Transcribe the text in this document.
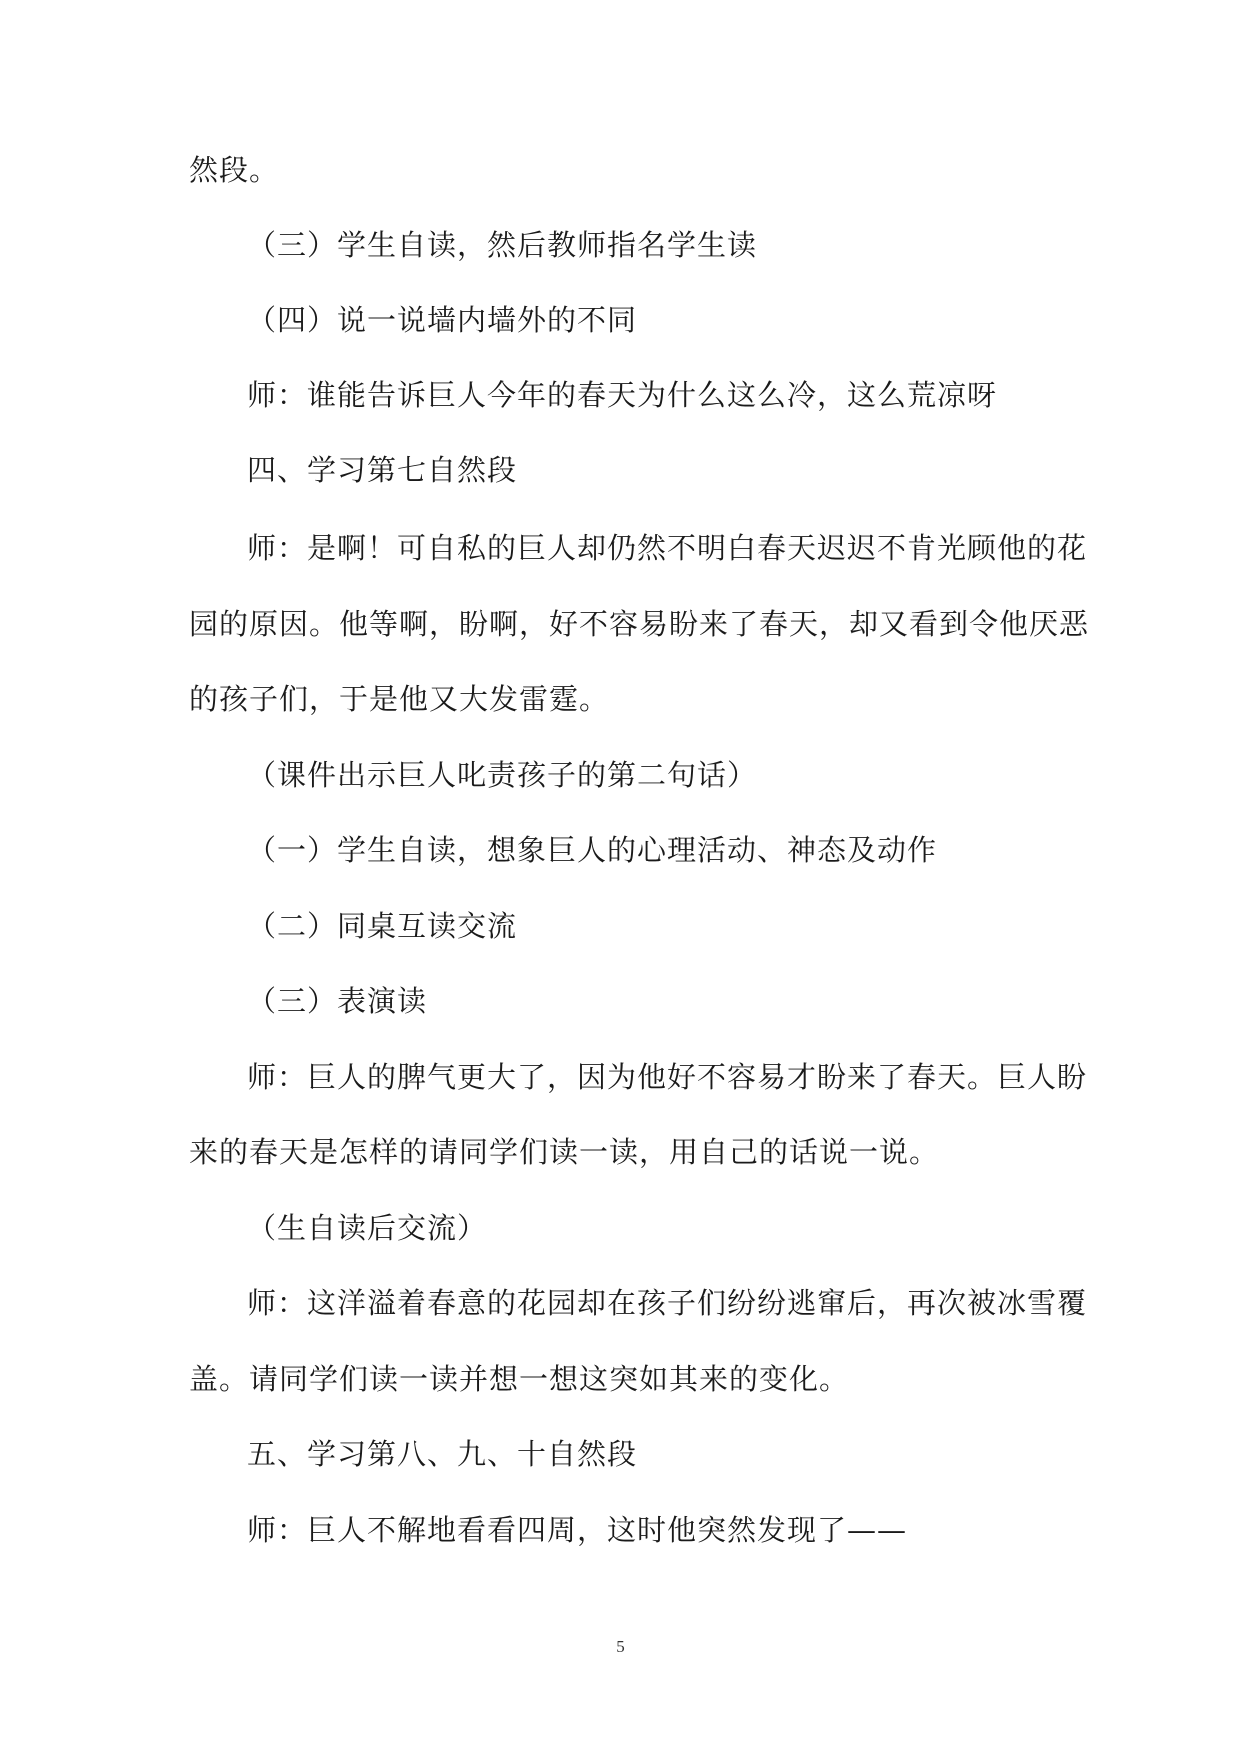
然段。
（三）学生自读，然后教师指名学生读
（四）说一说墙内墙外的不同
师：谁能告诉巨人今年的春天为什么这么冷，这么荒凉呀
四、学习第七自然段
师：是啊！可自私的巨人却仍然不明白春天迟迟不肯光顾他的花
园的原因。他等啊，盼啊，好不容易盼来了春天，却又看到令他厌恶
的孩子们，于是他又大发雷霆。
（课件出示巨人叱责孩子的第二句话）
（一）学生自读，想象巨人的心理活动、神态及动作
（二）同桌互读交流
（三）表演读
师：巨人的脾气更大了，因为他好不容易才盼来了春天。巨人盼
来的春天是怎样的请同学们读一读，用自己的话说一说。
（生自读后交流）
师：这洋溢着春意的花园却在孩子们纷纷逃窜后，再次被冰雪覆
盖。请同学们读一读并想一想这突如其来的变化。
五、学习第八、九、十自然段
师：巨人不解地看看四周，这时他突然发现了——
5
